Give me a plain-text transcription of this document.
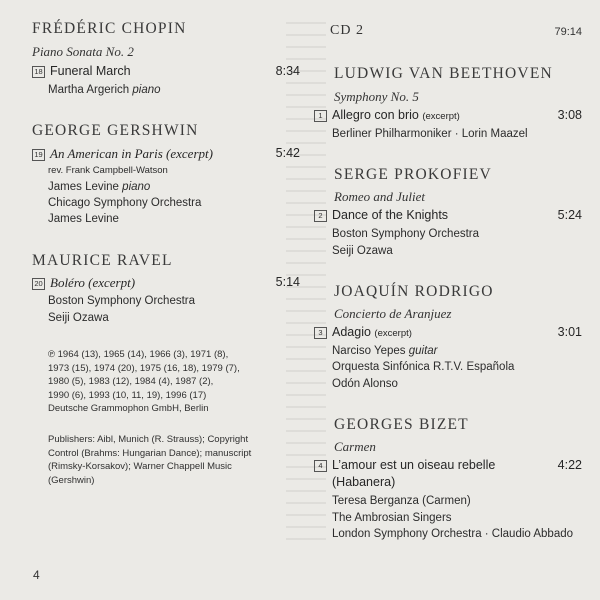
FRÉDÉRIC CHOPIN
Piano Sonata No. 2
18 Funeral March	8:34
Martha Argerich piano
GEORGE GERSHWIN
19 An American in Paris (excerpt)	5:42
rev. Frank Campbell-Watson
James Levine piano
Chicago Symphony Orchestra
James Levine
MAURICE RAVEL
20 Boléro (excerpt)	5:14
Boston Symphony Orchestra
Seiji Ozawa
℗ 1964 (13), 1965 (14), 1966 (3), 1971 (8),
1973 (15), 1974 (20), 1975 (16, 18), 1979 (7),
1980 (5), 1983 (12), 1984 (4), 1987 (2),
1990 (6), 1993 (10, 11, 19), 1996 (17)
Deutsche Grammophon GmbH, Berlin
Publishers: Aibl, Munich (R. Strauss); Copyright
Control (Brahms: Hungarian Dance); manuscript
(Rimsky-Korsakov); Warner Chappell Music
(Gershwin)
CD 2	79:14
LUDWIG VAN BEETHOVEN
Symphony No. 5
1 Allegro con brio (excerpt)	3:08
Berliner Philharmoniker · Lorin Maazel
SERGE PROKOFIEV
Romeo and Juliet
2 Dance of the Knights	5:24
Boston Symphony Orchestra
Seiji Ozawa
JOAQUÍN RODRIGO
Concierto de Aranjuez
3 Adagio (excerpt)	3:01
Narciso Yepes guitar
Orquesta Sinfónica R.T.V. Española
Odón Alonso
GEORGES BIZET
Carmen
4 L’amour est un oiseau rebelle	4:22
(Habanera)
Teresa Berganza (Carmen)
The Ambrosian Singers
London Symphony Orchestra · Claudio Abbado
4
